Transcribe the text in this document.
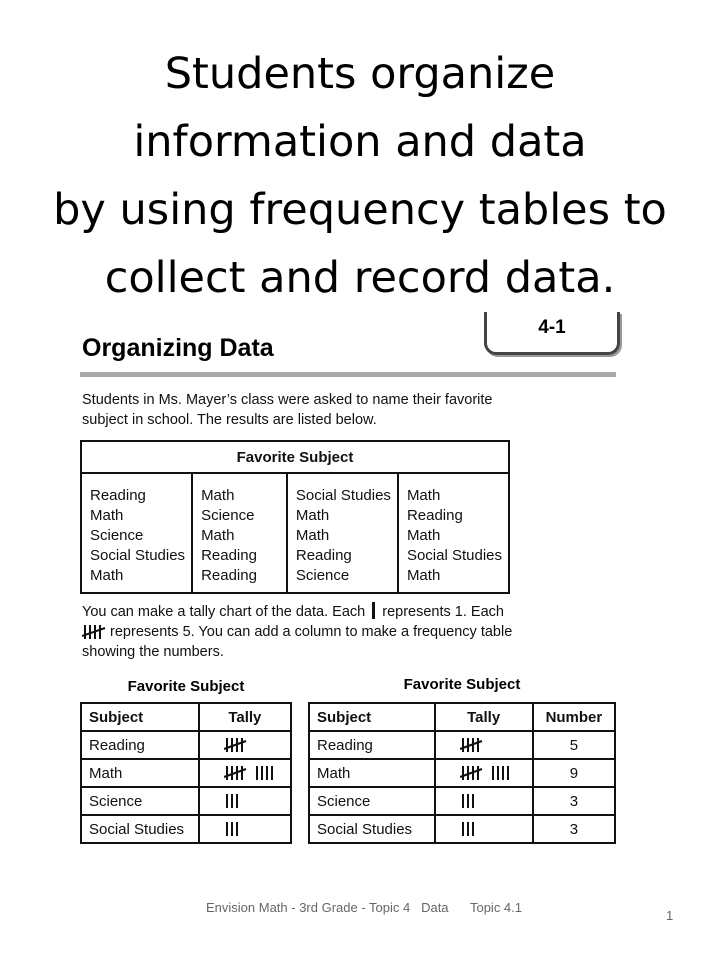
Students organize
information and data
by using frequency tables to
collect and record data.
4-1
Organizing Data
Students in Ms. Mayer’s class were asked to name their favorite subject in school. The results are listed below.
Favorite Subject

Reading
Math
Science
Social Studies
Math

Math
Science
Math
Reading
Reading

Social Studies
Math
Math
Reading
Science

Math
Reading
Math
Social Studies
Math
You can make a tally chart of the data. Each represents 1. Each

represents 5. You can add a column to make a frequency table showing the numbers.
Favorite Subject
Subject	Tally
Reading	

Math	

Science	

Social Studies	
Favorite Subject
Subject	Tally	Number
Reading		5
Math		9
Science		3
Social Studies		3
Envision Math - 3rd Grade - Topic 4   Data      Topic 4.1
1
